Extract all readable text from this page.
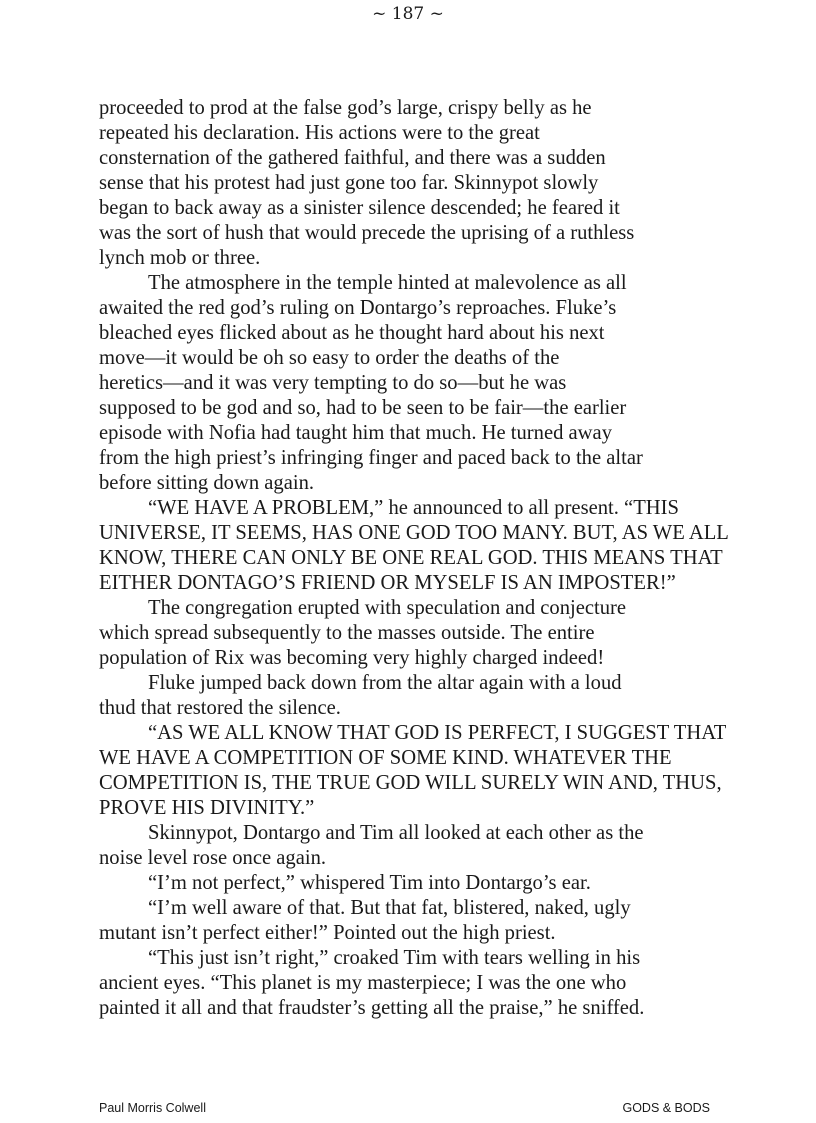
~ 187 ~

proceeded to prod at the false god’s large, crispy belly as he

repeated his declaration. His actions were to the great

consternation of the gathered faithful, and there was a sudden

sense that his protest had just gone too far. Skinnypot slowly

began to back away as a sinister silence descended; he feared it

was the sort of hush that would precede the uprising of a ruthless

lynch mob or three.

The atmosphere in the temple hinted at malevolence as all

awaited the red god’s ruling on Dontargo’s reproaches. Fluke’s

bleached eyes flicked about as he thought hard about his next

move—it would be oh so easy to order the deaths of the

heretics—and it was very tempting to do so—but he was

supposed to be god and so, had to be seen to be fair—the earlier

episode with Nofia had taught him that much. He turned away

from the high priest’s infringing finger and paced back to the altar

before sitting down again.

“WE HAVE A PROBLEM,” he announced to all present. “THIS

UNIVERSE, IT SEEMS, HAS ONE GOD TOO MANY. BUT, AS WE ALL

KNOW, THERE CAN ONLY BE ONE REAL GOD. THIS MEANS THAT

EITHER DONTAGO’S FRIEND OR MYSELF IS AN IMPOSTER!”

The congregation erupted with speculation and conjecture

which spread subsequently to the masses outside. The entire

population of Rix was becoming very highly charged indeed!

Fluke jumped back down from the altar again with a loud

thud that restored the silence.

“AS WE ALL KNOW THAT GOD IS PERFECT, I SUGGEST THAT

WE HAVE A COMPETITION OF SOME KIND. WHATEVER THE

COMPETITION IS, THE TRUE GOD WILL SURELY WIN AND, THUS,

PROVE HIS DIVINITY.”

Skinnypot, Dontargo and Tim all looked at each other as the

noise level rose once again.

“I’m not perfect,” whispered Tim into Dontargo’s ear.

“I’m well aware of that. But that fat, blistered, naked, ugly

mutant isn’t perfect either!” Pointed out the high priest.

“This just isn’t right,” croaked Tim with tears welling in his

ancient eyes. “This planet is my masterpiece; I was the one who

painted it all and that fraudster’s getting all the praise,” he sniffed.

Paul Morris Colwell	GODS & BODS
